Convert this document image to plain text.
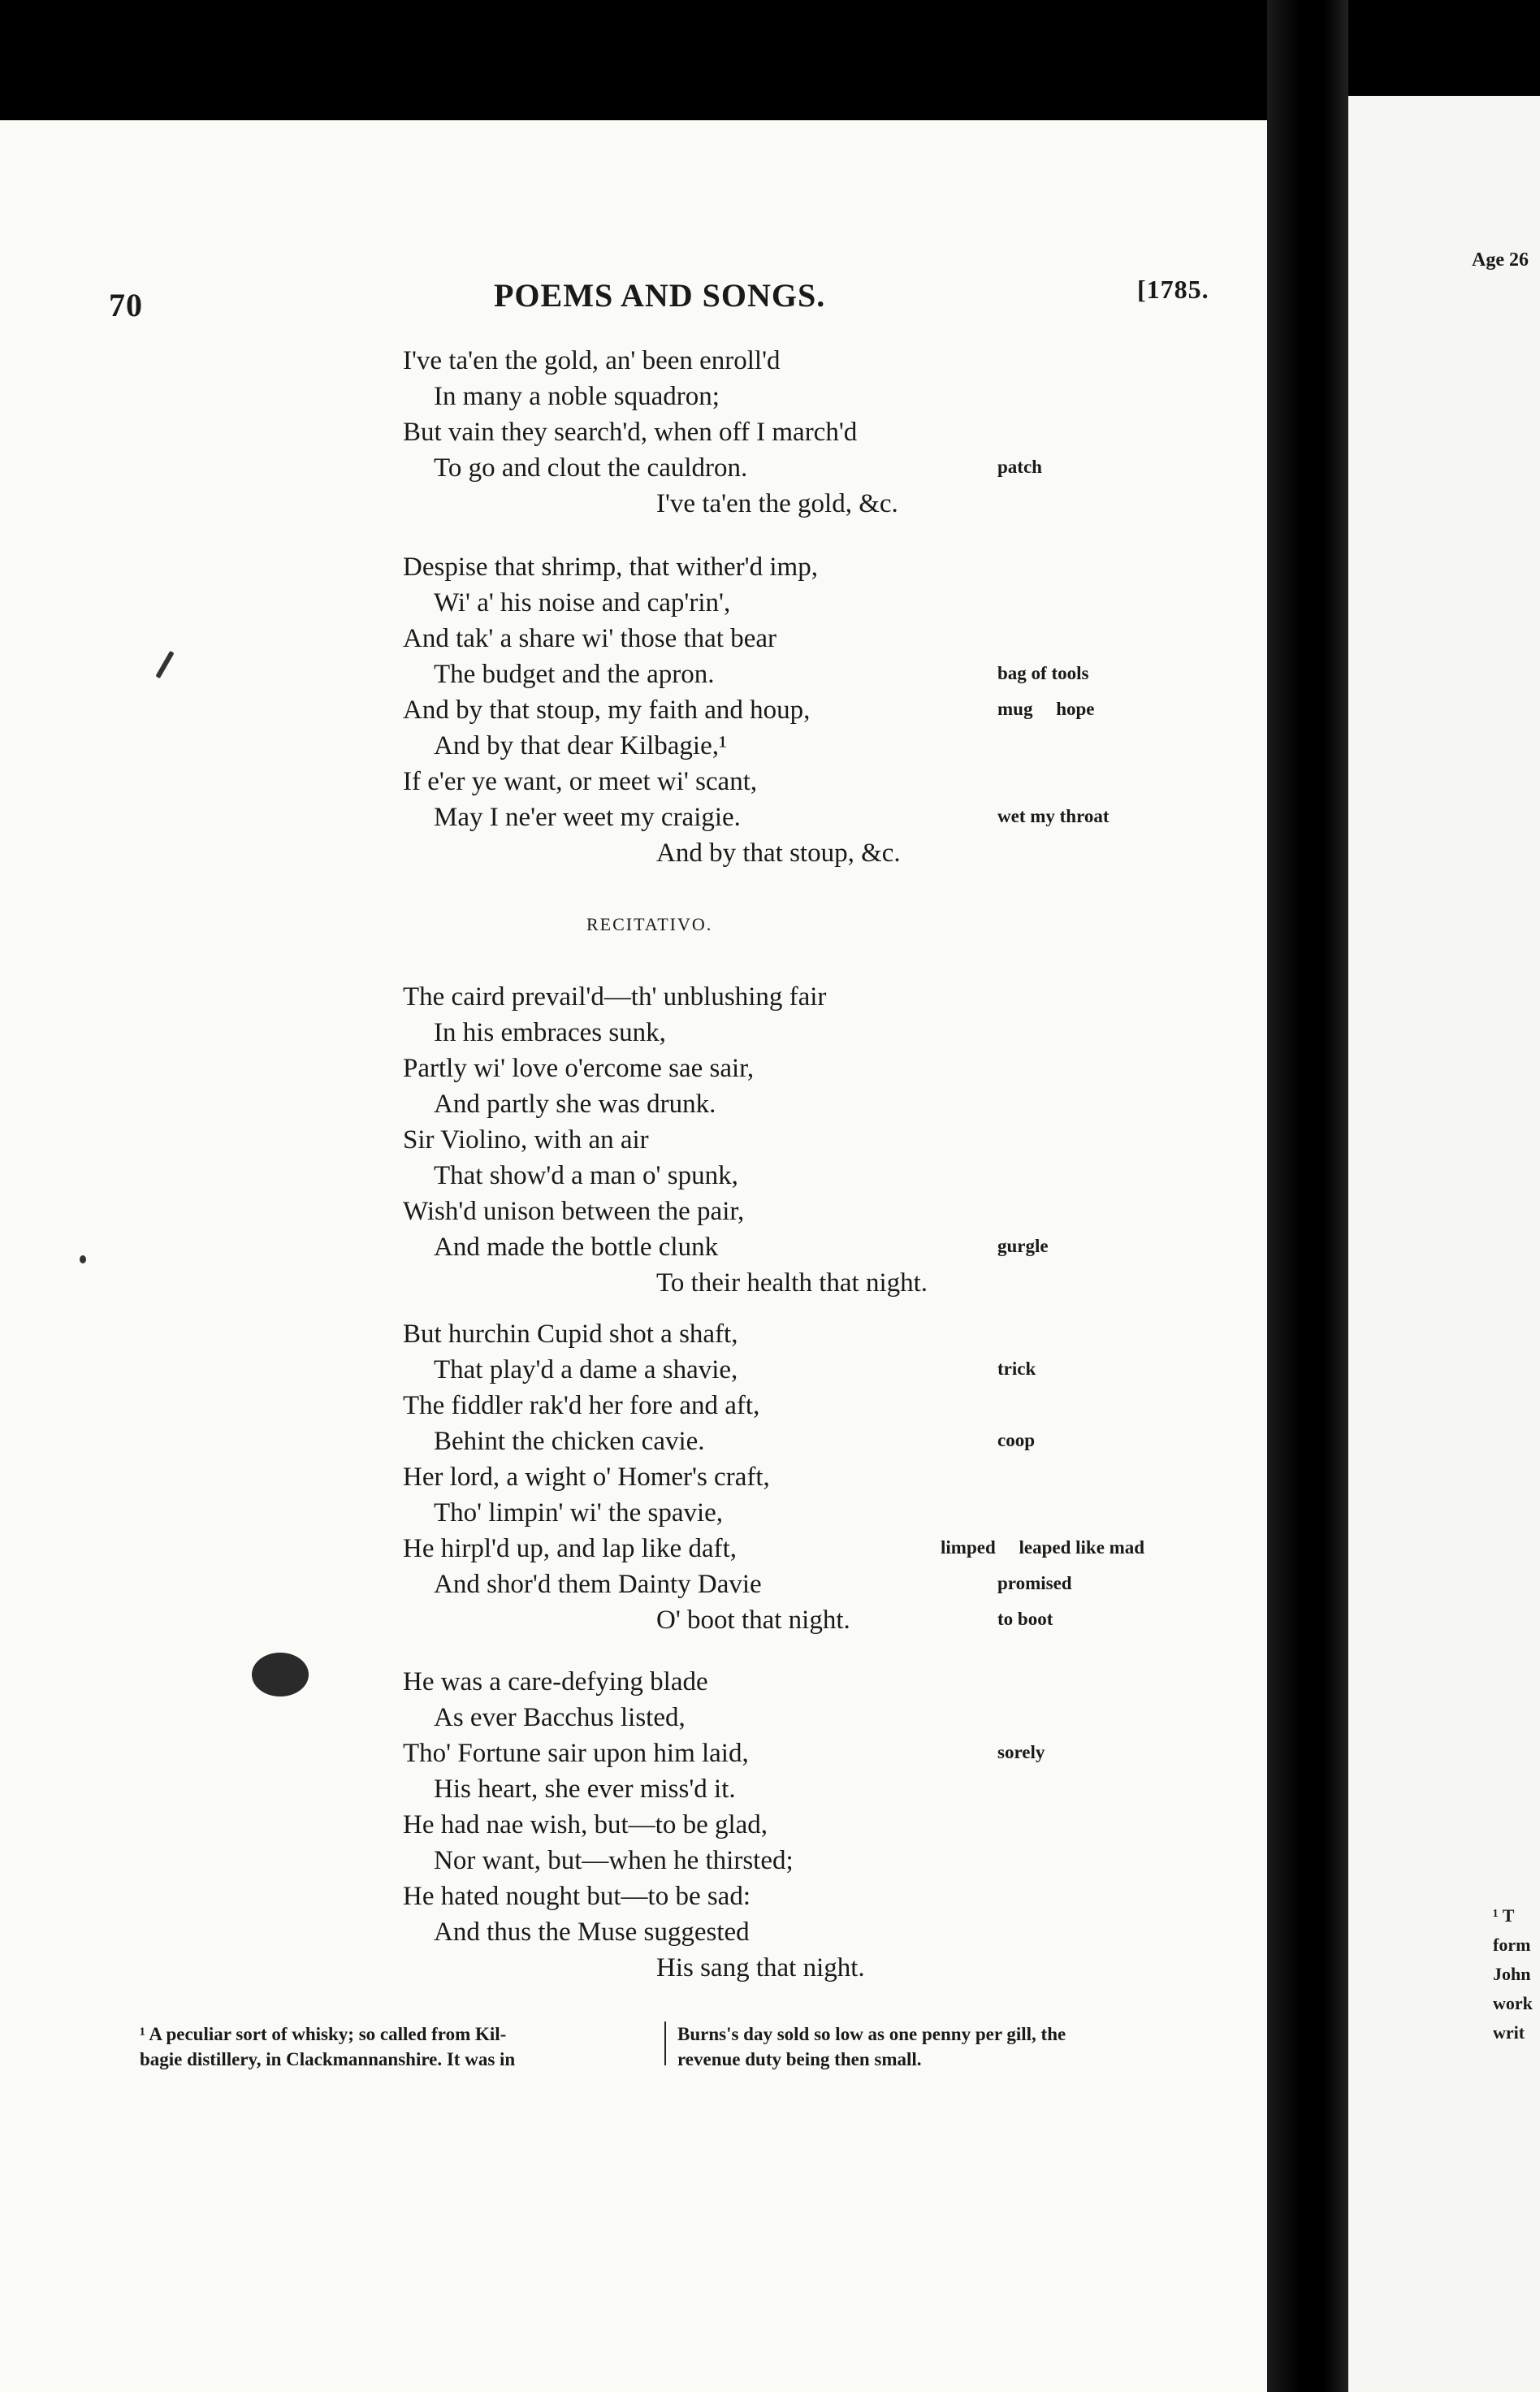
70	POEMS AND SONGS.	[1785.
I've ta'en the gold, an' been enroll'd
In many a noble squadron;
But vain they search'd, when off I march'd
To go and clout the cauldron.	patch
I've ta'en the gold, &c.
Despise that shrimp, that wither'd imp,
Wi' a' his noise and cap'rin',
And tak' a share wi' those that bear
The budget and the apron.	bag of tools
And by that stoup, my faith and houp,	mug     hope
And by that dear Kilbagie,¹
If e'er ye want, or meet wi' scant,
May I ne'er weet my craigie.	wet my throat
And by that stoup, &c.
RECITATIVO.
The caird prevail'd—th' unblushing fair
In his embraces sunk,
Partly wi' love o'ercome sae sair,
And partly she was drunk.
Sir Violino, with an air
That show'd a man o' spunk,
Wish'd unison between the pair,
And made the bottle clunk	gurgle
To their health that night.
But hurchin Cupid shot a shaft,
That play'd a dame a shavie,	trick
The fiddler rak'd her fore and aft,
Behint the chicken cavie.	coop
Her lord, a wight o' Homer's craft,
Tho' limpin' wi' the spavie,
He hirpl'd up, and lap like daft,	limped     leaped like mad
And shor'd them Dainty Davie	promised
O' boot that night.	to boot
He was a care-defying blade
As ever Bacchus listed,
Tho' Fortune sair upon him laid,	sorely
His heart, she ever miss'd it.
He had nae wish, but—to be glad,
Nor want, but—when he thirsted;
He hated nought but—to be sad:
And thus the Muse suggested
His sang that night.
¹ A peculiar sort of whisky; so called from Kil-
bagie distillery, in Clackmannanshire. It was in
Burns's day sold so low as one penny per gill, the
revenue duty being then small.
Age 26
¹ T
form
John
work
writ
